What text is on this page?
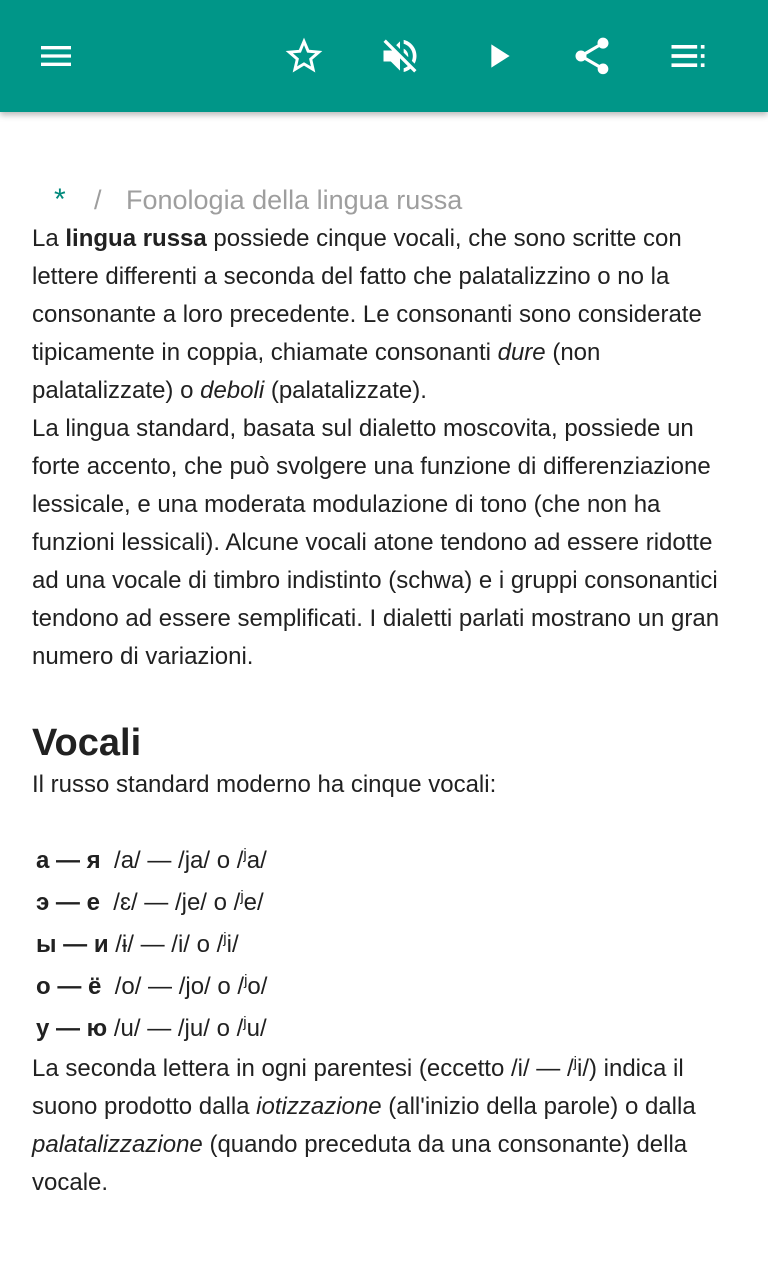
*	/ Fonologia della lingua russa

La lingua russa possiede cinque vocali, che sono scritte con lettere differenti a seconda del fatto che palatalizzino o no la consonante a loro precedente. Le consonanti sono considerate tipicamente in coppia, chiamate consonanti dure (non palatalizzate) o deboli (palatalizzate).

La lingua standard, basata sul dialetto moscovita, possiede un forte accento, che può svolgere una funzione di differenziazione lessicale, e una moderata modulazione di tono (che non ha funzioni lessicali). Alcune vocali atone tendono ad essere ridotte ad una vocale di timbro indistinto (schwa) e i gruppi consonantici tendono ad essere semplificati. I dialetti parlati mostrano un gran numero di variazioni.

Vocali

Il russo standard moderno ha cinque vocali:

а — я /a/ — /ja/ o /$^j$a/
э — е /ɛ/ — /je/ o /$^j$e/
ы — и /ɨ/ — /i/ o /$^j$i/
о — ё /o/ — /jo/ o /$^j$o/
у — ю /u/ — /ju/ o /$^j$u/

La seconda lettera in ogni parentesi (eccetto /i/ — /$^j$i/) indica il suono prodotto dalla iotizzazione (all'inizio della parole) o dalla palatalizzazione (quando preceduta da una consonante) della vocale.
